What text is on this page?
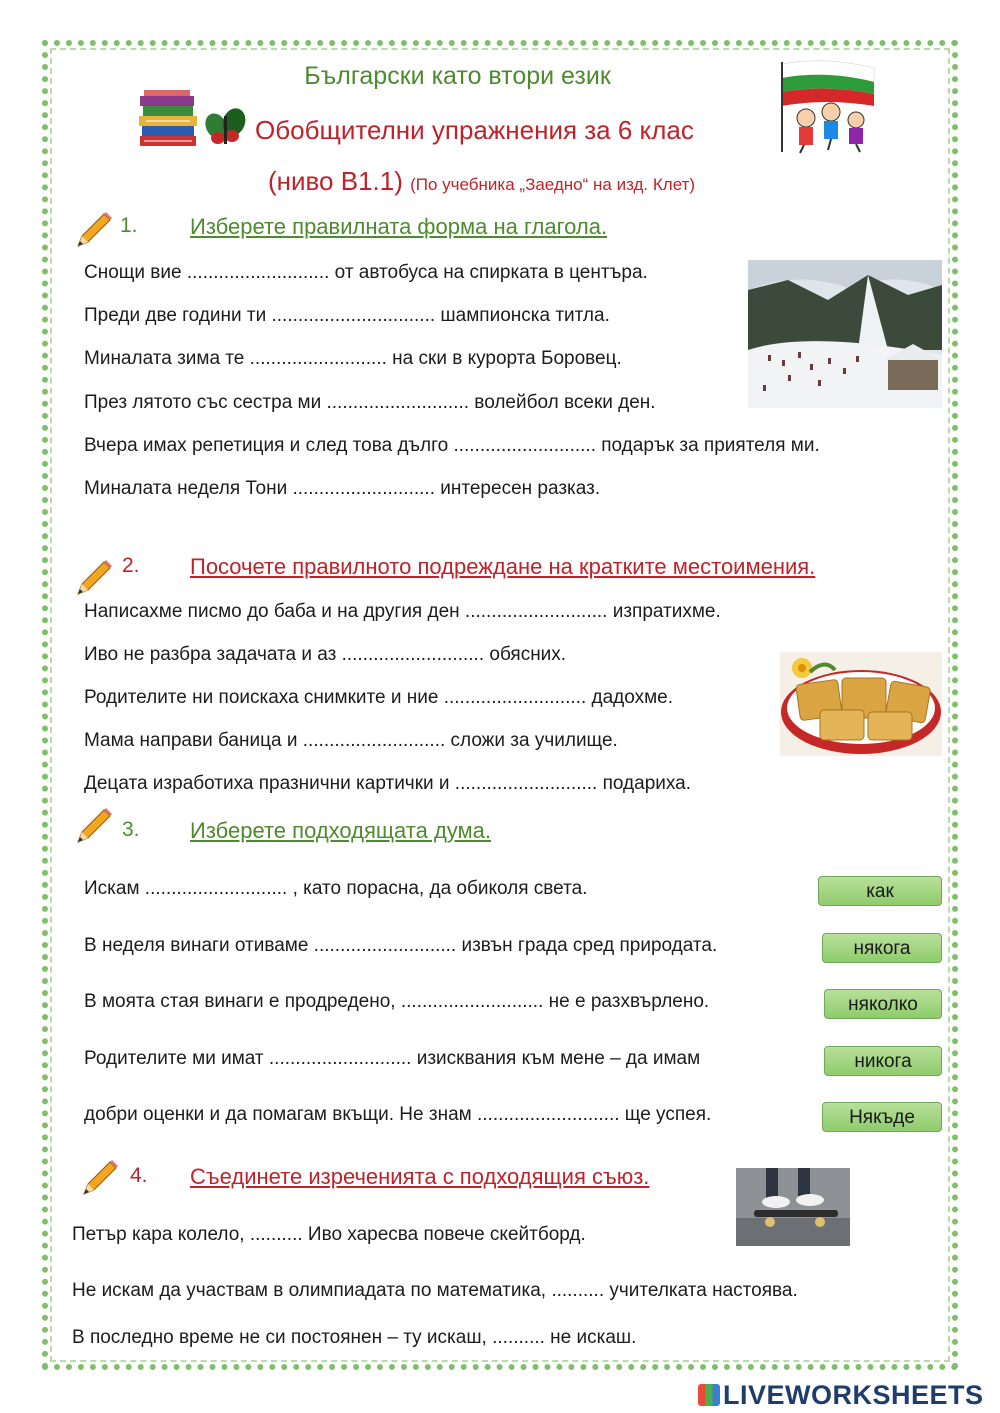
Български като втори език
Обобщителни упражнения за 6 клас
(ниво В1.1) (По учебника „Заедно“ на изд. Клет)
1. Изберете правилната форма на глагола.
Снощи вие ........................... от автобуса на спирката в центъра.
Преди две години ти ............................... шампионска титла.
Миналата зима те .......................... на ски в курорта Боровец.
През лятото със сестра ми ........................... волейбол всеки ден.
Вчера имах репетиция и след това дълго ........................... подарък за приятеля ми.
Миналата неделя Тони ........................... интересен разказ.
2. Посочете правилното подреждане на кратките местоимения.
Написахме писмо до баба и на другия ден ........................... изпратихме.
Иво не разбра задачата и аз ........................... обясних.
Родителите ни поискаха снимките и ние ........................... дадохме.
Мама направи баница и ........................... сложи за училище.
Децата изработиха празнични картички и ........................... подариха.
3. Изберете подходящата дума.
Искам ........................... , като порасна, да обиколя света.
В неделя винаги отиваме ........................... извън града сред природата.
В моята стая винаги е продредено, ........................... не е разхвърлено.
Родителите ми имат ........................... изисквания към мене – да имам
добри оценки и да помагам вкъщи. Не знам ........................... ще успея.
как
някога
няколко
никога
Някъде
4. Съединете изреченията с подходящия съюз.
Петър кара колело, .......... Иво харесва повече скейтборд.
Не искам да участвам в олимпиадата по математика, .......... учителката настоява.
В последно време не си постоянен – ту искаш, .......... не искаш.
LIVEWORKSHEETS
